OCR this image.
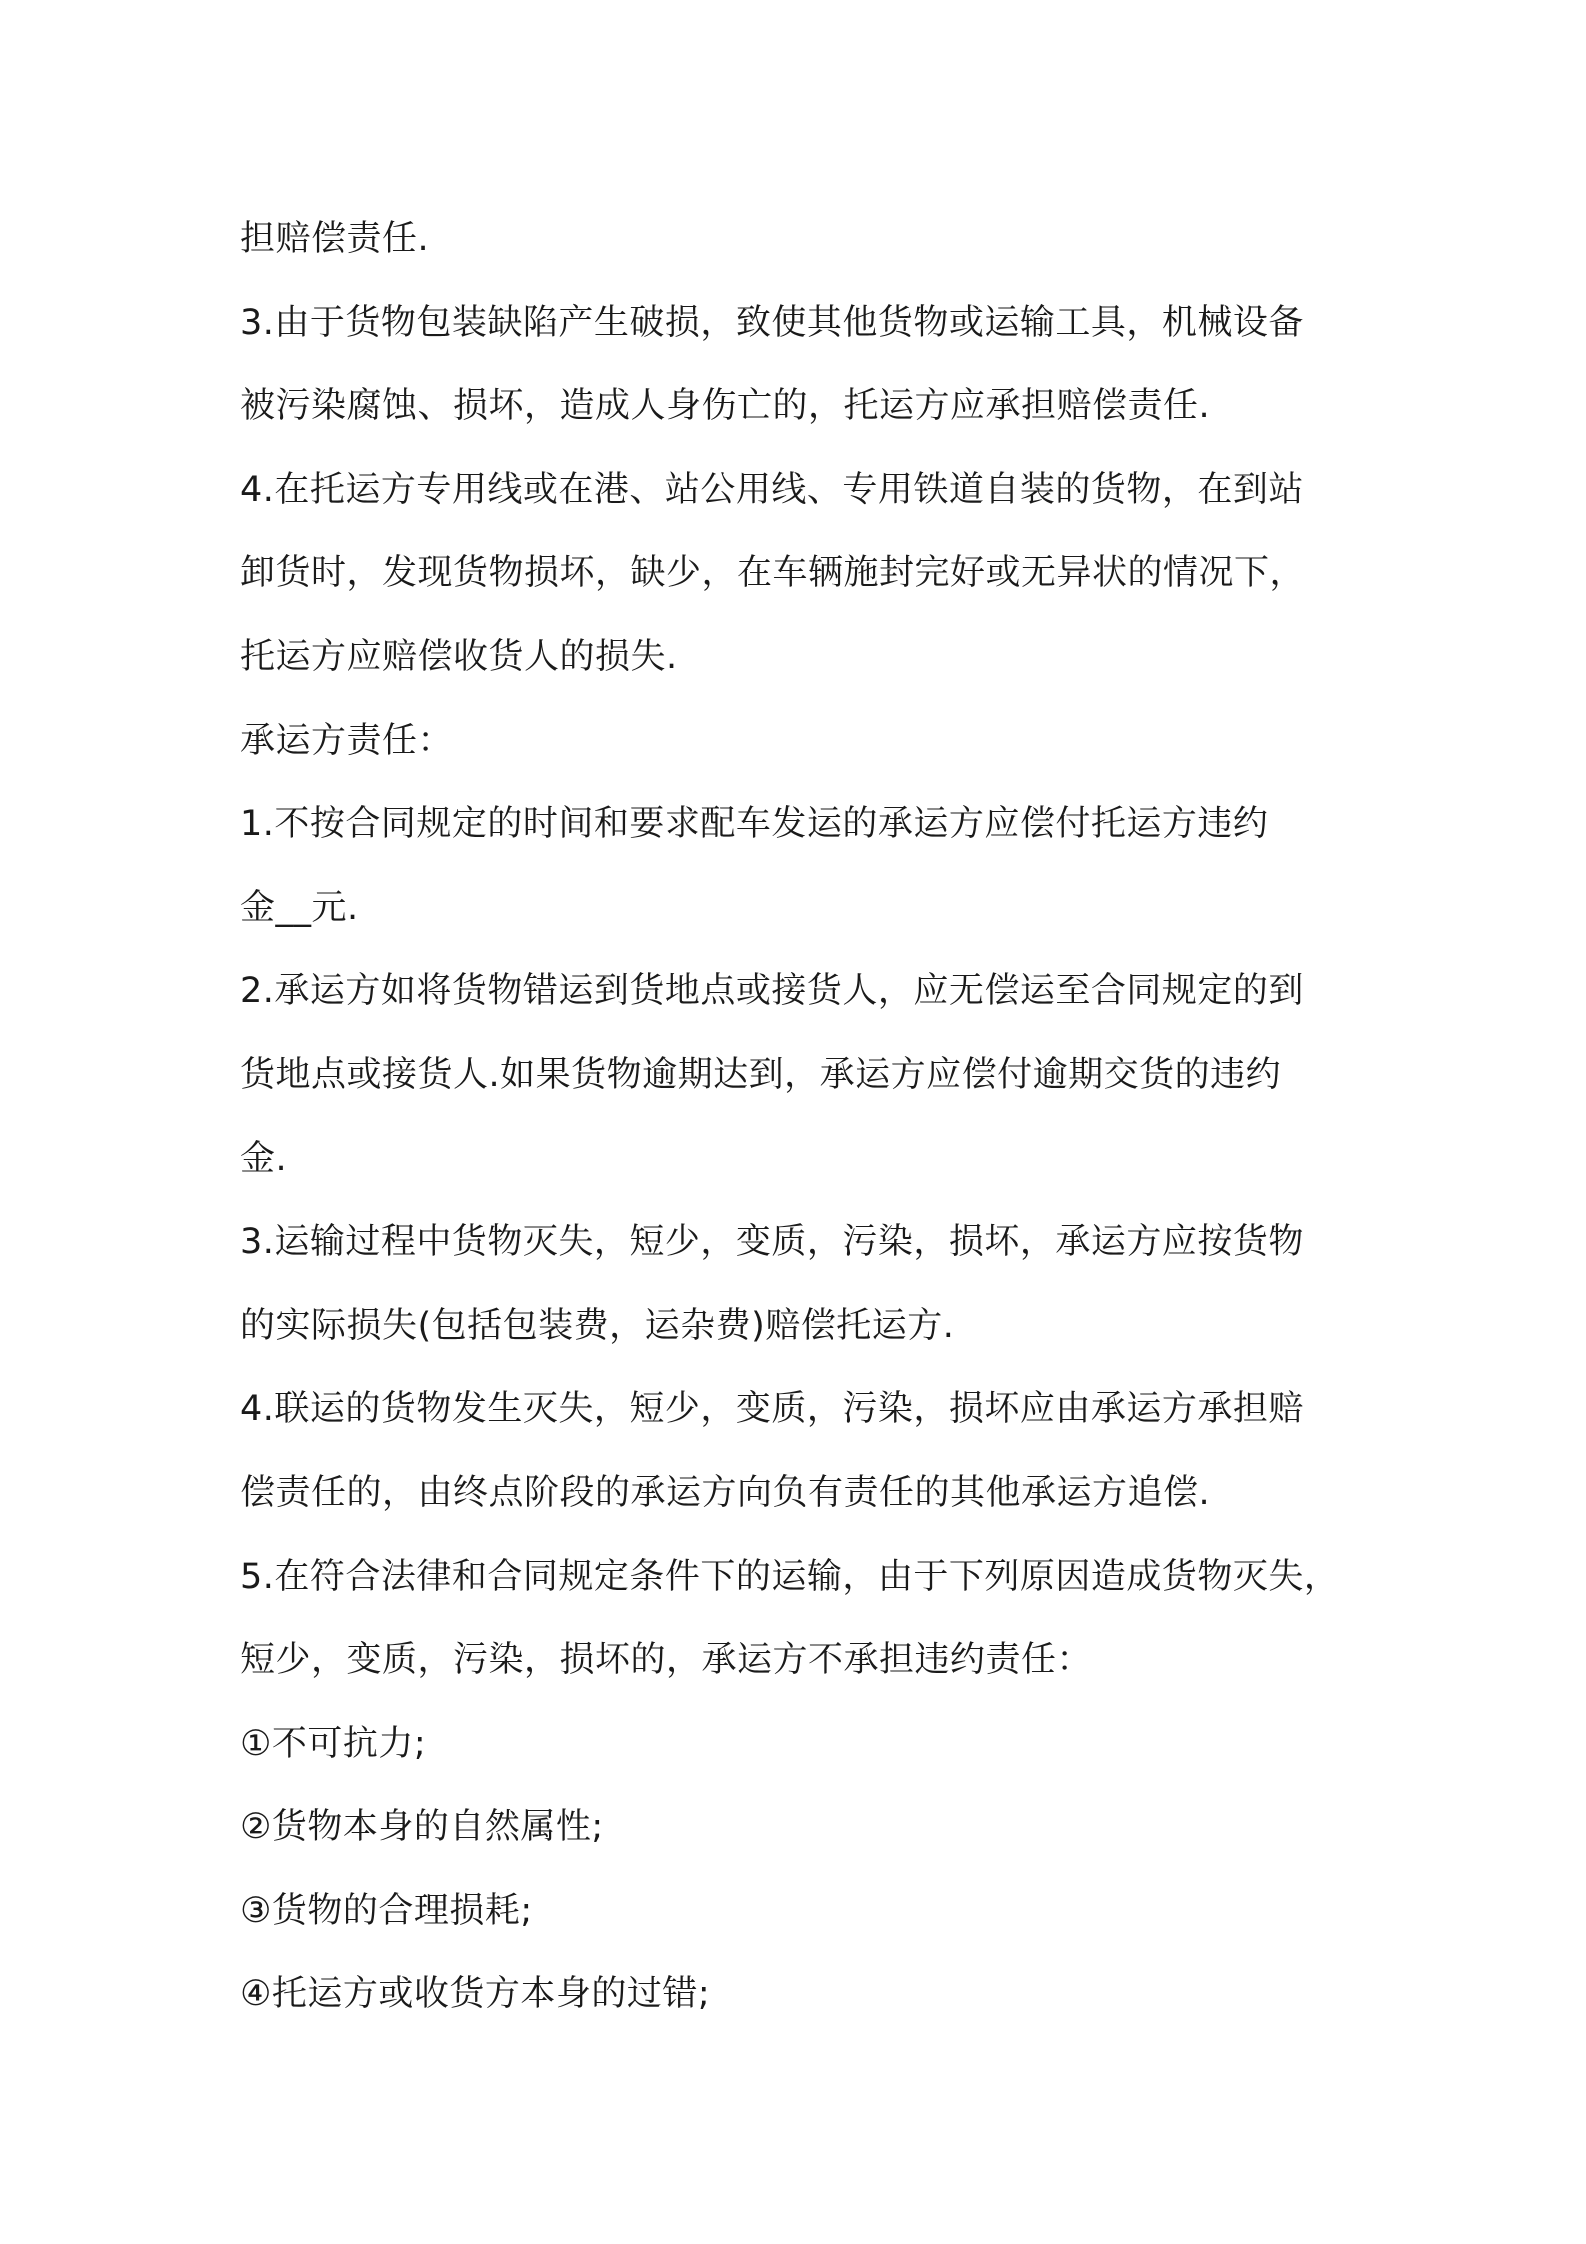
担赔偿责任.
3.由于货物包装缺陷产生破损，致使其他货物或运输工具，机械设备
被污染腐蚀、损坏，造成人身伤亡的，托运方应承担赔偿责任.
4.在托运方专用线或在港、站公用线、专用铁道自装的货物，在到站
卸货时，发现货物损坏，缺少，在车辆施封完好或无异状的情况下，
托运方应赔偿收货人的损失.
承运方责任：
1.不按合同规定的时间和要求配车发运的承运方应偿付托运方违约
金__元.
2.承运方如将货物错运到货地点或接货人，应无偿运至合同规定的到
货地点或接货人.如果货物逾期达到，承运方应偿付逾期交货的违约
金.
3.运输过程中货物灭失，短少，变质，污染，损坏，承运方应按货物
的实际损失(包括包装费，运杂费)赔偿托运方.
4.联运的货物发生灭失，短少，变质，污染，损坏应由承运方承担赔
偿责任的，由终点阶段的承运方向负有责任的其他承运方追偿.
5.在符合法律和合同规定条件下的运输，由于下列原因造成货物灭失，
短少，变质，污染，损坏的，承运方不承担违约责任：
①不可抗力;
②货物本身的自然属性;
③货物的合理损耗;
④托运方或收货方本身的过错;
